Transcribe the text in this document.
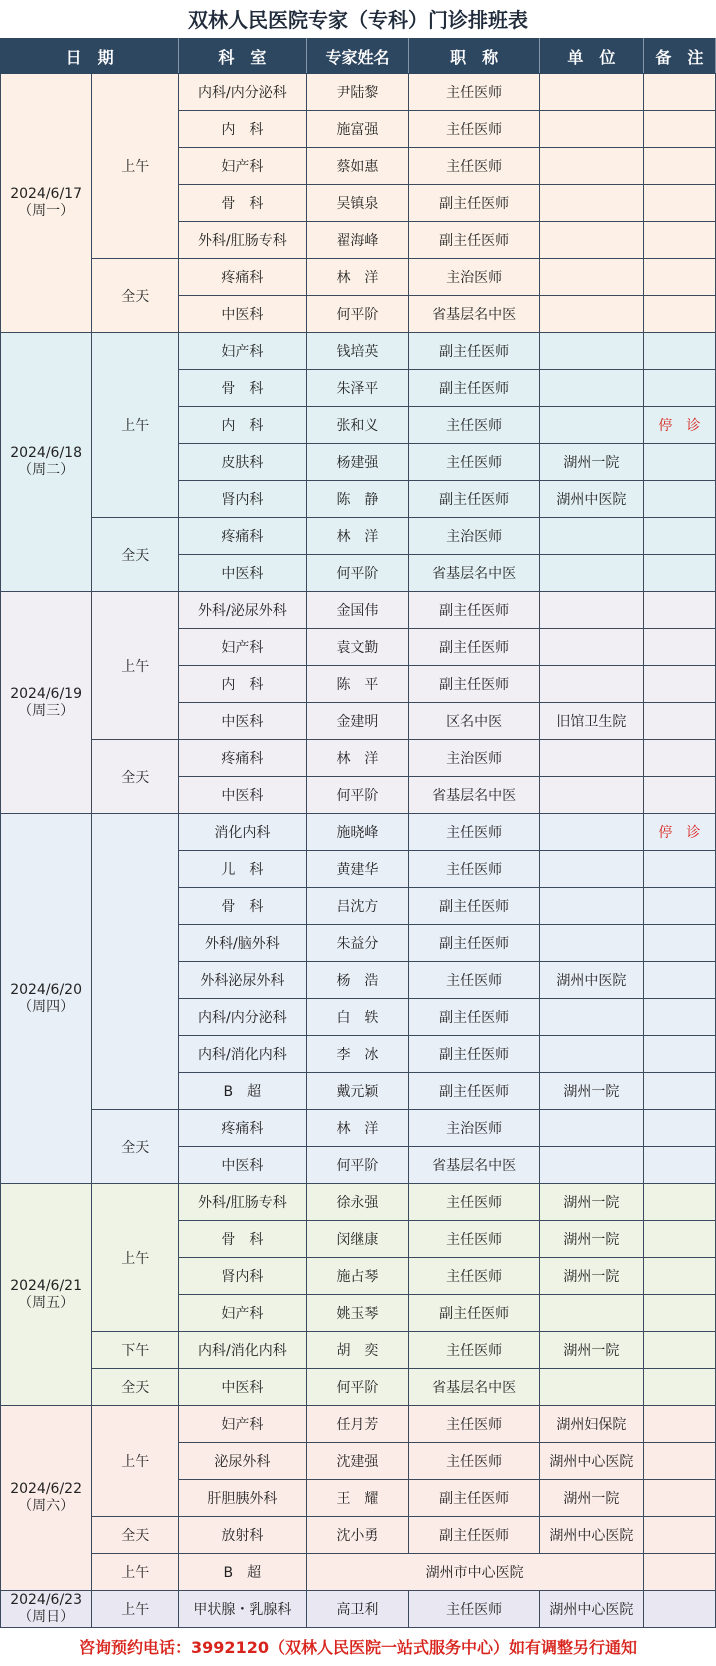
双林人民医院专家（专科）门诊排班表
日　期		科　室	专家姓名	职　称	单　位	备　注

2024/6/17
（周一）	上午	内科/内分泌科	尹陆黎	主任医师		
		内　科	施富强	主任医师		
		妇产科	蔡如惠	主任医师		
		骨　科	吴镇泉	副主任医师		
		外科/肛肠专科	翟海峰	副主任医师		
	全天	疼痛科	林　洋	主治医师		
		中医科	何平阶	省基层名中医		

2024/6/18
（周二）	上午	妇产科	钱培英	副主任医师		
		骨　科	朱泽平	副主任医师		
		内　科	张和义	主任医师		停　诊
		皮肤科	杨建强	主任医师	湖州一院	
		肾内科	陈　静	副主任医师	湖州中医院	
	全天	疼痛科	林　洋	主治医师		
		中医科	何平阶	省基层名中医		

2024/6/19
（周三）	上午	外科/泌尿外科	金国伟	副主任医师		
		妇产科	袁文勤	副主任医师		
		内　科	陈　平	副主任医师		
		中医科	金建明	区名中医	旧馆卫生院	
	全天	疼痛科	林　洋	主治医师		
		中医科	何平阶	省基层名中医		

2024/6/20
（周四）		消化内科	施晓峰	主任医师		停　诊
		儿　科	黄建华	主任医师		
		骨　科	吕沈方	副主任医师		
		外科/脑外科	朱益分	副主任医师		
		外科泌尿外科	杨　浩	主任医师	湖州中医院	
		内科/内分泌科	白　轶	副主任医师		
		内科/消化内科	李　冰	副主任医师		
		B　超	戴元颖	副主任医师	湖州一院	
	全天	疼痛科	林　洋	主治医师		
		中医科	何平阶	省基层名中医		

2024/6/21
（周五）	上午	外科/肛肠专科	徐永强	主任医师	湖州一院	
		骨　科	闵继康	主任医师	湖州一院	
		肾内科	施占琴	主任医师	湖州一院	
		妇产科	姚玉琴	副主任医师		
	下午	内科/消化内科	胡　奕	主任医师	湖州一院	
	全天	中医科	何平阶	省基层名中医		

2024/6/22
（周六）	上午	妇产科	任月芳	主任医师	湖州妇保院	
		泌尿外科	沈建强	主任医师	湖州中心医院	
		肝胆胰外科	王　耀	副主任医师	湖州一院	
	全天	放射科	沈小勇	副主任医师	湖州中心医院	
	上午	B　超	湖州市中心医院			

2024/6/23
（周日）	上午	甲状腺・乳腺科	高卫利	主任医师	湖州中心医院	
咨询预约电话：3992120（双林人民医院一站式服务中心）如有调整另行通知
